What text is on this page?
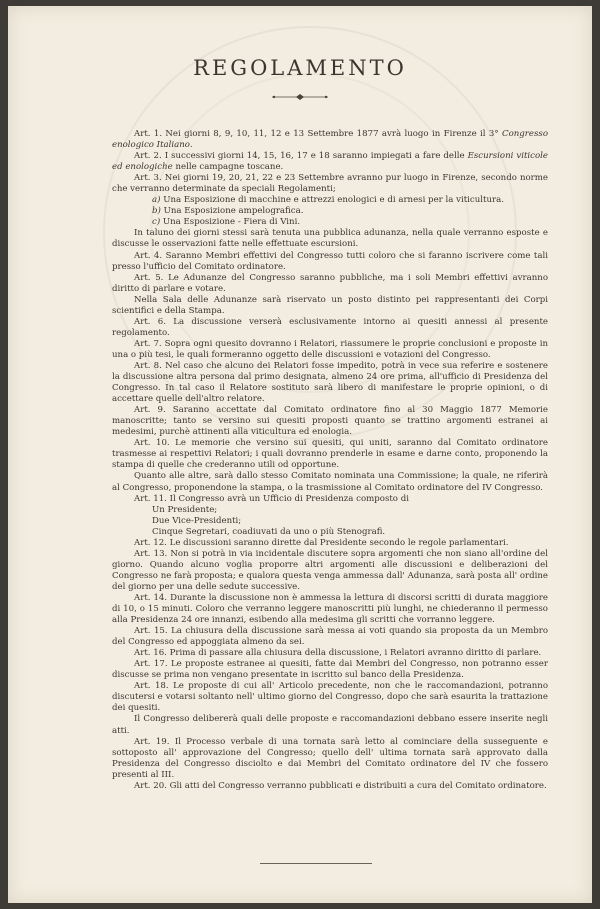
REGOLAMENTO

Art. 1. Nei giorni 8, 9, 10, 11, 12 e 13 Settembre 1877 avrà luogo in Firenze il 3° Congresso enologico Italiano.

Art. 2. I successivi giorni 14, 15, 16, 17 e 18 saranno impiegati a fare delle Escursioni viticole ed enologiche nelle campagne toscane.

Art. 3. Nei giorni 19, 20, 21, 22 e 23 Settembre avranno pur luogo in Firenze, secondo norme che verranno determinate da speciali Regolamenti;

a) Una Esposizione di macchine e attrezzi enologici e di arnesi per la viticultura.

b) Una Esposizione ampelografica.

c) Una Esposizione - Fiera di Vini.

In taluno dei giorni stessi sarà tenuta una pubblica adunanza, nella quale verranno esposte e discusse le osservazioni fatte nelle effettuate escursioni.

Art. 4. Saranno Membri effettivi del Congresso tutti coloro che si faranno iscrivere come tali presso l'ufficio del Comitato ordinatore.

Art. 5. Le Adunanze del Congresso saranno pubbliche, ma i soli Membri effettivi avranno diritto di parlare e votare.

Nella Sala delle Adunanze sarà riservato un posto distinto pei rappresentanti dei Corpi scientifici e della Stampa.

Art. 6. La discussione verserà esclusivamente intorno ai quesiti annessi al presente regolamento.

Art. 7. Sopra ogni quesito dovranno i Relatori, riassumere le proprie conclusioni e proposte in una o più tesi, le quali formeranno oggetto delle discussioni e votazioni del Congresso.

Art. 8. Nel caso che alcuno dei Relatori fosse impedito, potrà in vece sua referire e sostenere la discussione altra persona dal primo designata, almeno 24 ore prima, all'ufficio di Presidenza del Congresso. In tal caso il Relatore sostituto sarà libero di manifestare le proprie opinioni, o di accettare quelle dell'altro relatore.

Art. 9. Saranno accettate dal Comitato ordinatore fino al 30 Maggio 1877 Memorie manoscritte; tanto se versino sui quesiti proposti quanto se trattino argomenti estranei ai medesimi, purchè attinenti alla viticultura ed enologia.

Art. 10. Le memorie che versino sui quesiti, qui uniti, saranno dal Comitato ordinatore trasmesse ai respettivi Relatori; i quali dovranno prenderle in esame e darne conto, proponendo la stampa di quelle che crederanno utili od opportune.

Quanto alle altre, sarà dallo stesso Comitato nominata una Commissione; la quale, ne riferirà al Congresso, proponendone la stampa, o la trasmissione al Comitato ordinatore del IV Congresso.

Art. 11. Il Congresso avrà un Ufficio di Presidenza composto di

Un Presidente;

Due Vice-Presidenti;

Cinque Segretari, coadiuvati da uno o più Stenografi.

Art. 12. Le discussioni saranno dirette dal Presidente secondo le regole parlamentari.

Art. 13. Non si potrà in via incidentale discutere sopra argomenti che non siano all'ordine del giorno. Quando alcuno voglia proporre altri argomenti alle discussioni e deliberazioni del Congresso ne farà proposta; e qualora questa venga ammessa dall' Adunanza, sarà posta all' ordine del giorno per una delle sedute successive.

Art. 14. Durante la discussione non è ammessa la lettura di discorsi scritti di durata maggiore di 10, o 15 minuti. Coloro che verranno leggere manoscritti più lunghi, ne chiederanno il permesso alla Presidenza 24 ore innanzi, esibendo alla medesima gli scritti che vorranno leggere.

Art. 15. La chiusura della discussione sarà messa ai voti quando sia proposta da un Membro del Congresso ed appoggiata almeno da sei.

Art. 16. Prima di passare alla chiusura della discussione, i Relatori avranno diritto di parlare.

Art. 17. Le proposte estranee ai quesiti, fatte dai Membri del Congresso, non potranno esser discusse se prima non vengano presentate in iscritto sul banco della Presidenza.

Art. 18. Le proposte di cui all' Articolo precedente, non che le raccomandazioni, potranno discutersi e votarsi soltanto nell' ultimo giorno del Congresso, dopo che sarà esaurita la trattazione dei quesiti.

Il Congresso delibererà quali delle proposte e raccomandazioni debbano essere inserite negli atti.

Art. 19. Il Processo verbale di una tornata sarà letto al cominciare della susseguente e sottoposto all' approvazione del Congresso; quello dell' ultima tornata sarà approvato dalla Presidenza del Congresso disciolto e dai Membri del Comitato ordinatore del IV che fossero presenti al III.

Art. 20. Gli atti del Congresso verranno pubblicati e distribuiti a cura del Comitato ordinatore.
